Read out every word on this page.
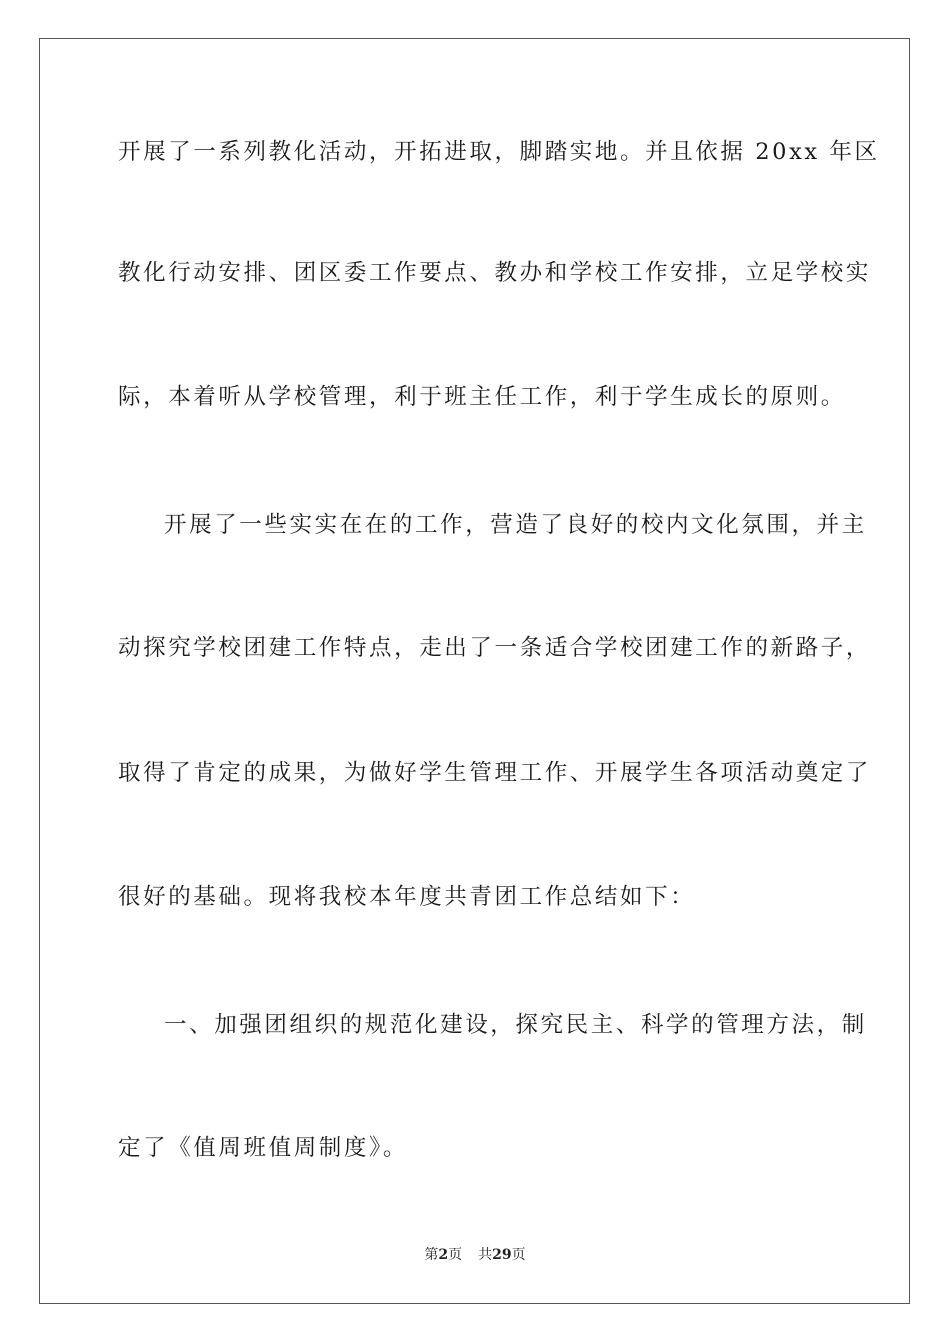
开展了一系列教化活动，开拓进取，脚踏实地。并且依据 20xx 年区
教化行动安排、团区委工作要点、教办和学校工作安排，立足学校实
际，本着听从学校管理，利于班主任工作，利于学生成长的原则。
开展了一些实实在在的工作，营造了良好的校内文化氛围，并主
动探究学校团建工作特点，走出了一条适合学校团建工作的新路子，
取得了肯定的成果，为做好学生管理工作、开展学生各项活动奠定了
很好的基础。现将我校本年度共青团工作总结如下：
一、加强团组织的规范化建设，探究民主、科学的管理方法，制
定了《值周班值周制度》。
第2页 共29页
